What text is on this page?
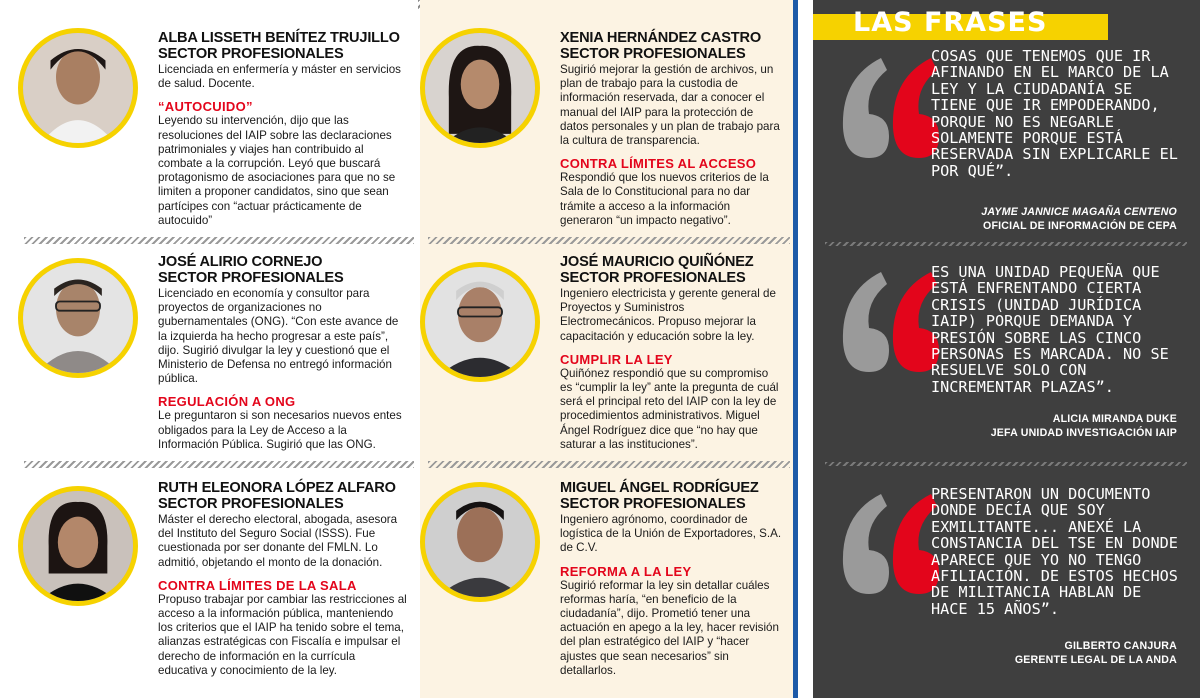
ALBA LISSETH BENÍTEZ TRUJILLO
SECTOR PROFESIONALES
Licenciada en enfermería y máster en servicios de salud. Docente.
“AUTOCUIDO”
Leyendo su intervención, dijo que las resoluciones del IAIP sobre las declaraciones patrimoniales y viajes han contribuido al combate a la corrupción. Leyó que buscará protagonismo de asociaciones para que no se limiten a proponer candidatos, sino que sean partícipes con “actuar prácticamente de autocuido”
JOSÉ ALIRIO CORNEJO
SECTOR PROFESIONALES
Licenciado en economía y consultor para proyectos de organizaciones no gubernamentales (ONG). “Con este avance de la izquierda ha hecho progresar a este país”, dijo. Sugirió divulgar la ley y cuestionó que el Ministerio de Defensa no entregó información pública.
REGULACIÓN A ONG
Le preguntaron si son necesarios nuevos entes obligados para la Ley de Acceso a la Información Pública. Sugirió que las ONG.
RUTH ELEONORA LÓPEZ ALFARO
SECTOR PROFESIONALES
Máster el derecho electoral, abogada, asesora del Instituto del Seguro Social (ISSS). Fue cuestionada por ser donante del FMLN. Lo admitió, objetando el monto de la donación.
CONTRA LÍMITES DE LA SALA
Propuso trabajar por cambiar las restricciones al acceso a la información pública, manteniendo los criterios que el IAIP ha tenido sobre el tema, alianzas estratégicas con Fiscalía e impulsar el derecho de información en la currícula educativa y conocimiento de la ley.
XENIA HERNÁNDEZ CASTRO
SECTOR PROFESIONALES
Sugirió mejorar la gestión de archivos, un plan de trabajo para la custodia de información reservada, dar a conocer el manual del IAIP para la protección de datos personales y un plan de trabajo para la cultura de transparencia.
CONTRA LÍMITES AL ACCESO
Respondió que los nuevos criterios de la Sala de lo Constitucional para no dar trámite a acceso a la información generaron “un impacto negativo”.
JOSÉ MAURICIO QUIÑÓNEZ
SECTOR PROFESIONALES
Ingeniero electricista y gerente general de Proyectos y Suministros Electromecánicos. Propuso mejorar la capacitación y educación sobre la ley.
CUMPLIR LA LEY
Quiñónez respondió que su compromiso es “cumplir la ley” ante la pregunta de cuál será el principal reto del IAIP con la ley de procedimientos administrativos. Miguel Ángel Rodríguez dice que “no hay que saturar a las instituciones”.
MIGUEL ÁNGEL RODRÍGUEZ
SECTOR PROFESIONALES
Ingeniero agrónomo, coordinador de logística de la Unión de Exportadores, S.A. de C.V.
REFORMA A LA LEY
Sugirió reformar la ley sin detallar cuáles reformas haría, “en beneficio de la ciudadanía”, dijo. Prometió tener una actuación en apego a la ley, hacer revisión del plan estratégico del IAIP y “hacer ajustes que sean necesarios” sin detallarlos.
LAS FRASES
COSAS QUE TENEMOS QUE IR AFINANDO EN EL MARCO DE LA LEY Y LA CIUDADANÍA SE TIENE QUE IR EMPODERANDO, PORQUE NO ES NEGARLE SOLAMENTE PORQUE ESTÁ RESERVADA SIN EXPLICARLE EL POR QUÉ”.
JAYME JANNICE MAGAÑA CENTENO
OFICIAL DE INFORMACIÓN DE CEPA
ES UNA UNIDAD PEQUEÑA QUE ESTÁ ENFRENTANDO CIERTA CRISIS (UNIDAD JURÍDICA IAIP) PORQUE DEMANDA Y PRESIÓN SOBRE LAS CINCO PERSONAS ES MARCADA. NO SE RESUELVE SOLO CON INCREMENTAR PLAZAS”.
ALICIA MIRANDA DUKE
JEFA UNIDAD INVESTIGACIÓN IAIP
PRESENTARON UN DOCUMENTO DONDE DECÍA QUE SOY EXMILITANTE... ANEXÉ LA CONSTANCIA DEL TSE EN DONDE APARECE QUE YO NO TENGO AFILIACIÓN. DE ESTOS HECHOS DE MILITANCIA HABLAN DE HACE 15 AÑOS”.
GILBERTO CANJURA
GERENTE LEGAL DE LA ANDA
